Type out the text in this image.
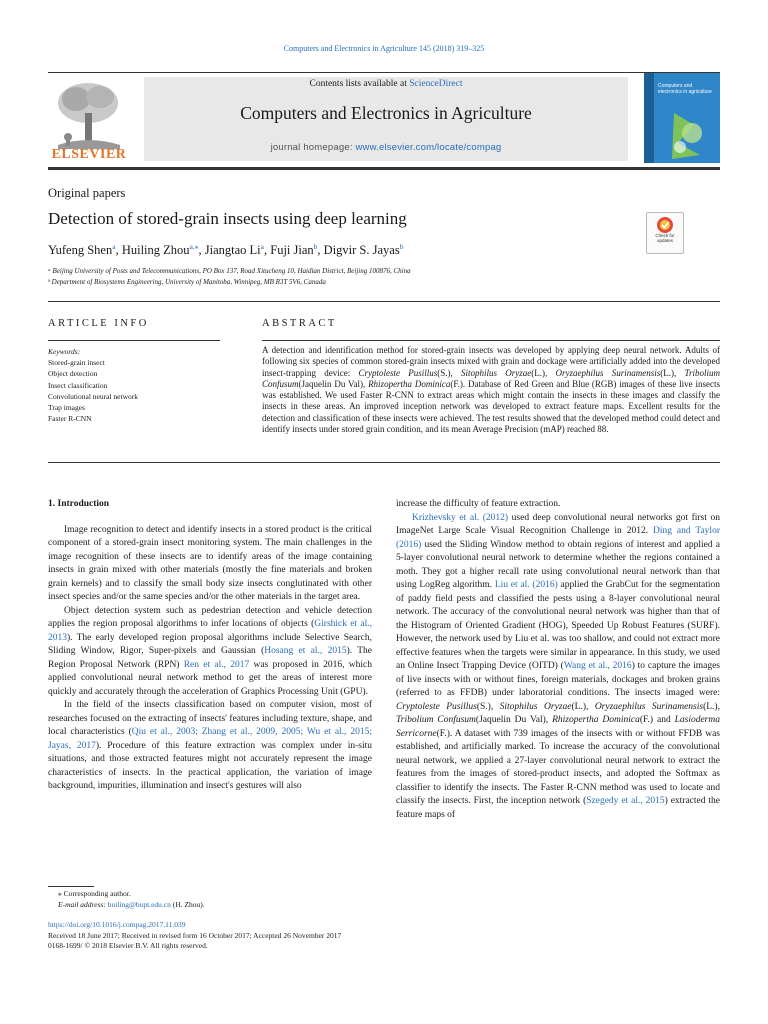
Computers and Electronics in Agriculture 145 (2018) 319–325
ELSEVIER
Contents lists available at ScienceDirect
Computers and Electronics in Agriculture
journal homepage: www.elsevier.com/locate/compag
Computers and electronics in agriculture
Original papers
Detection of stored-grain insects using deep learning
Check for updates
Yufeng Shen$^a$, Huiling Zhou$^{a,⁎}$, Jiangtao Li$^a$, Fuji Jian$^b$, Digvir S. Jayas$^b$
ᵃ Beijing University of Posts and Telecommunications, PO Box 137, Road Xitucheng 10, Haidian District, Beijing 100876, China
ᵇ Department of Biosystems Engineering, University of Manitoba, Winnipeg, MB R3T 5V6, Canada
ARTICLE INFO	ABSTRACT
Keywords:
Stored-grain insect
Object detection
Insect classification
Convolutional neural network
Trap images
Faster R-CNN
A detection and identification method for stored-grain insects was developed by applying deep neural network. Adults of following six species of common stored-grain insects mixed with grain and dockage were artificially added into the developed insect-trapping device: Cryptoleste Pusillus(S.), Sitophilus Oryzae(L.), Oryzaephilus Surinamensis(L.), Tribolium Confusum(Jaquelin Du Val), Rhizopertha Dominica(F.). Database of Red Green and Blue (RGB) images of these live insects was established. We used Faster R-CNN to extract areas which might contain the insects in these images and classify the insects in these areas. An improved inception network was developed to extract feature maps. Excellent results for the detection and classification of these insects were achieved. The test results showed that the developed method could detect and identify insects under stored grain condition, and its mean Average Precision (mAP) reached 88.

1. Introduction

Image recognition to detect and identify insects in a stored product is the critical component of a stored-grain insect monitoring system. The main challenges in the image recognition of these insects are to identify areas of the image containing insects in grain mixed with other materials (mostly the fine materials and broken grain kernels) and to classify the small body size insects conglutinated with other insect species and/or the same species and/or the other materials in the target area.

Object detection system such as pedestrian detection and vehicle detection applies the region proposal algorithms to infer locations of objects (Girshick et al., 2013). The early developed region proposal algorithms include Selective Search, Sliding Window, Rigor, Super-pixels and Gaussian (Hosang et al., 2015). The Region Proposal Network (RPN) Ren et al., 2017 was proposed in 2016, which applied convolutional neural network method to get the areas of interest more quickly and accurately through the acceleration of Graphics Processing Unit (GPU).

In the field of the insects classification based on computer vision, most of researches focused on the extracting of insects' features including texture, shape, and local characteristics (Qiu et al., 2003; Zhang et al., 2009, 2005; Wu et al., 2015; Jayas, 2017). Procedure of this feature extraction was complex under in-situ situations, and those extracted features might not accurately represent the image characteristics of insects. In the practical application, the variation of image background, impurities, illumination and insect's gestures will also

increase the difficulty of feature extraction.

Krizhevsky et al. (2012) used deep convolutional neural networks got first on ImageNet Large Scale Visual Recognition Challenge in 2012. Ding and Taylor (2016) used the Sliding Window method to obtain regions of interest and applied a 5-layer convolutional neural network to determine whether the regions contained a moth. They got a higher recall rate using convolutional neural network than that using LogReg algorithm. Liu et al. (2016) applied the GrabCut for the segmentation of paddy field pests and classified the pests using a 8-layer convolutional neural network. The accuracy of the convolutional neural network was higher than that of the Histogram of Oriented Gradient (HOG), Speeded Up Robust Features (SURF). However, the network used by Liu et al. was too shallow, and could not extract more effective features when the targets were similar in appearance. In this study, we used an Online Insect Trapping Device (OITD) (Wang et al., 2016) to capture the images of live insects with or without fines, foreign materials, dockages and broken grains (referred to as FFDB) under laboratorial conditions. The insects imaged were: Cryptoleste Pusillus(S.), Sitophilus Oryzae(L.), Oryzaephilus Surinamensis(L.), Tribolium Confusum(Jaquelin Du Val), Rhizopertha Dominica(F.) and Lasioderma Serricorne(F.). A dataset with 739 images of the insects with or without FFDB was established, and artificially marked. To increase the accuracy of the convolutional neural network, we applied a 27-layer convolutional neural network to extract the features from the images of stored-product insects, and adopted the Softmax as classifier to identify the insects. The Faster R-CNN method was used to locate and classify the insects. First, the inception network (Szegedy et al., 2015) extracted the feature maps of

⁎ Corresponding author.
E-mail address: huiling@bupt.edu.cn (H. Zhou).
https://doi.org/10.1016/j.compag.2017.11.039
Received 18 June 2017; Received in revised form 16 October 2017; Accepted 26 November 2017
0168-1699/ © 2018 Elsevier B.V. All rights reserved.
